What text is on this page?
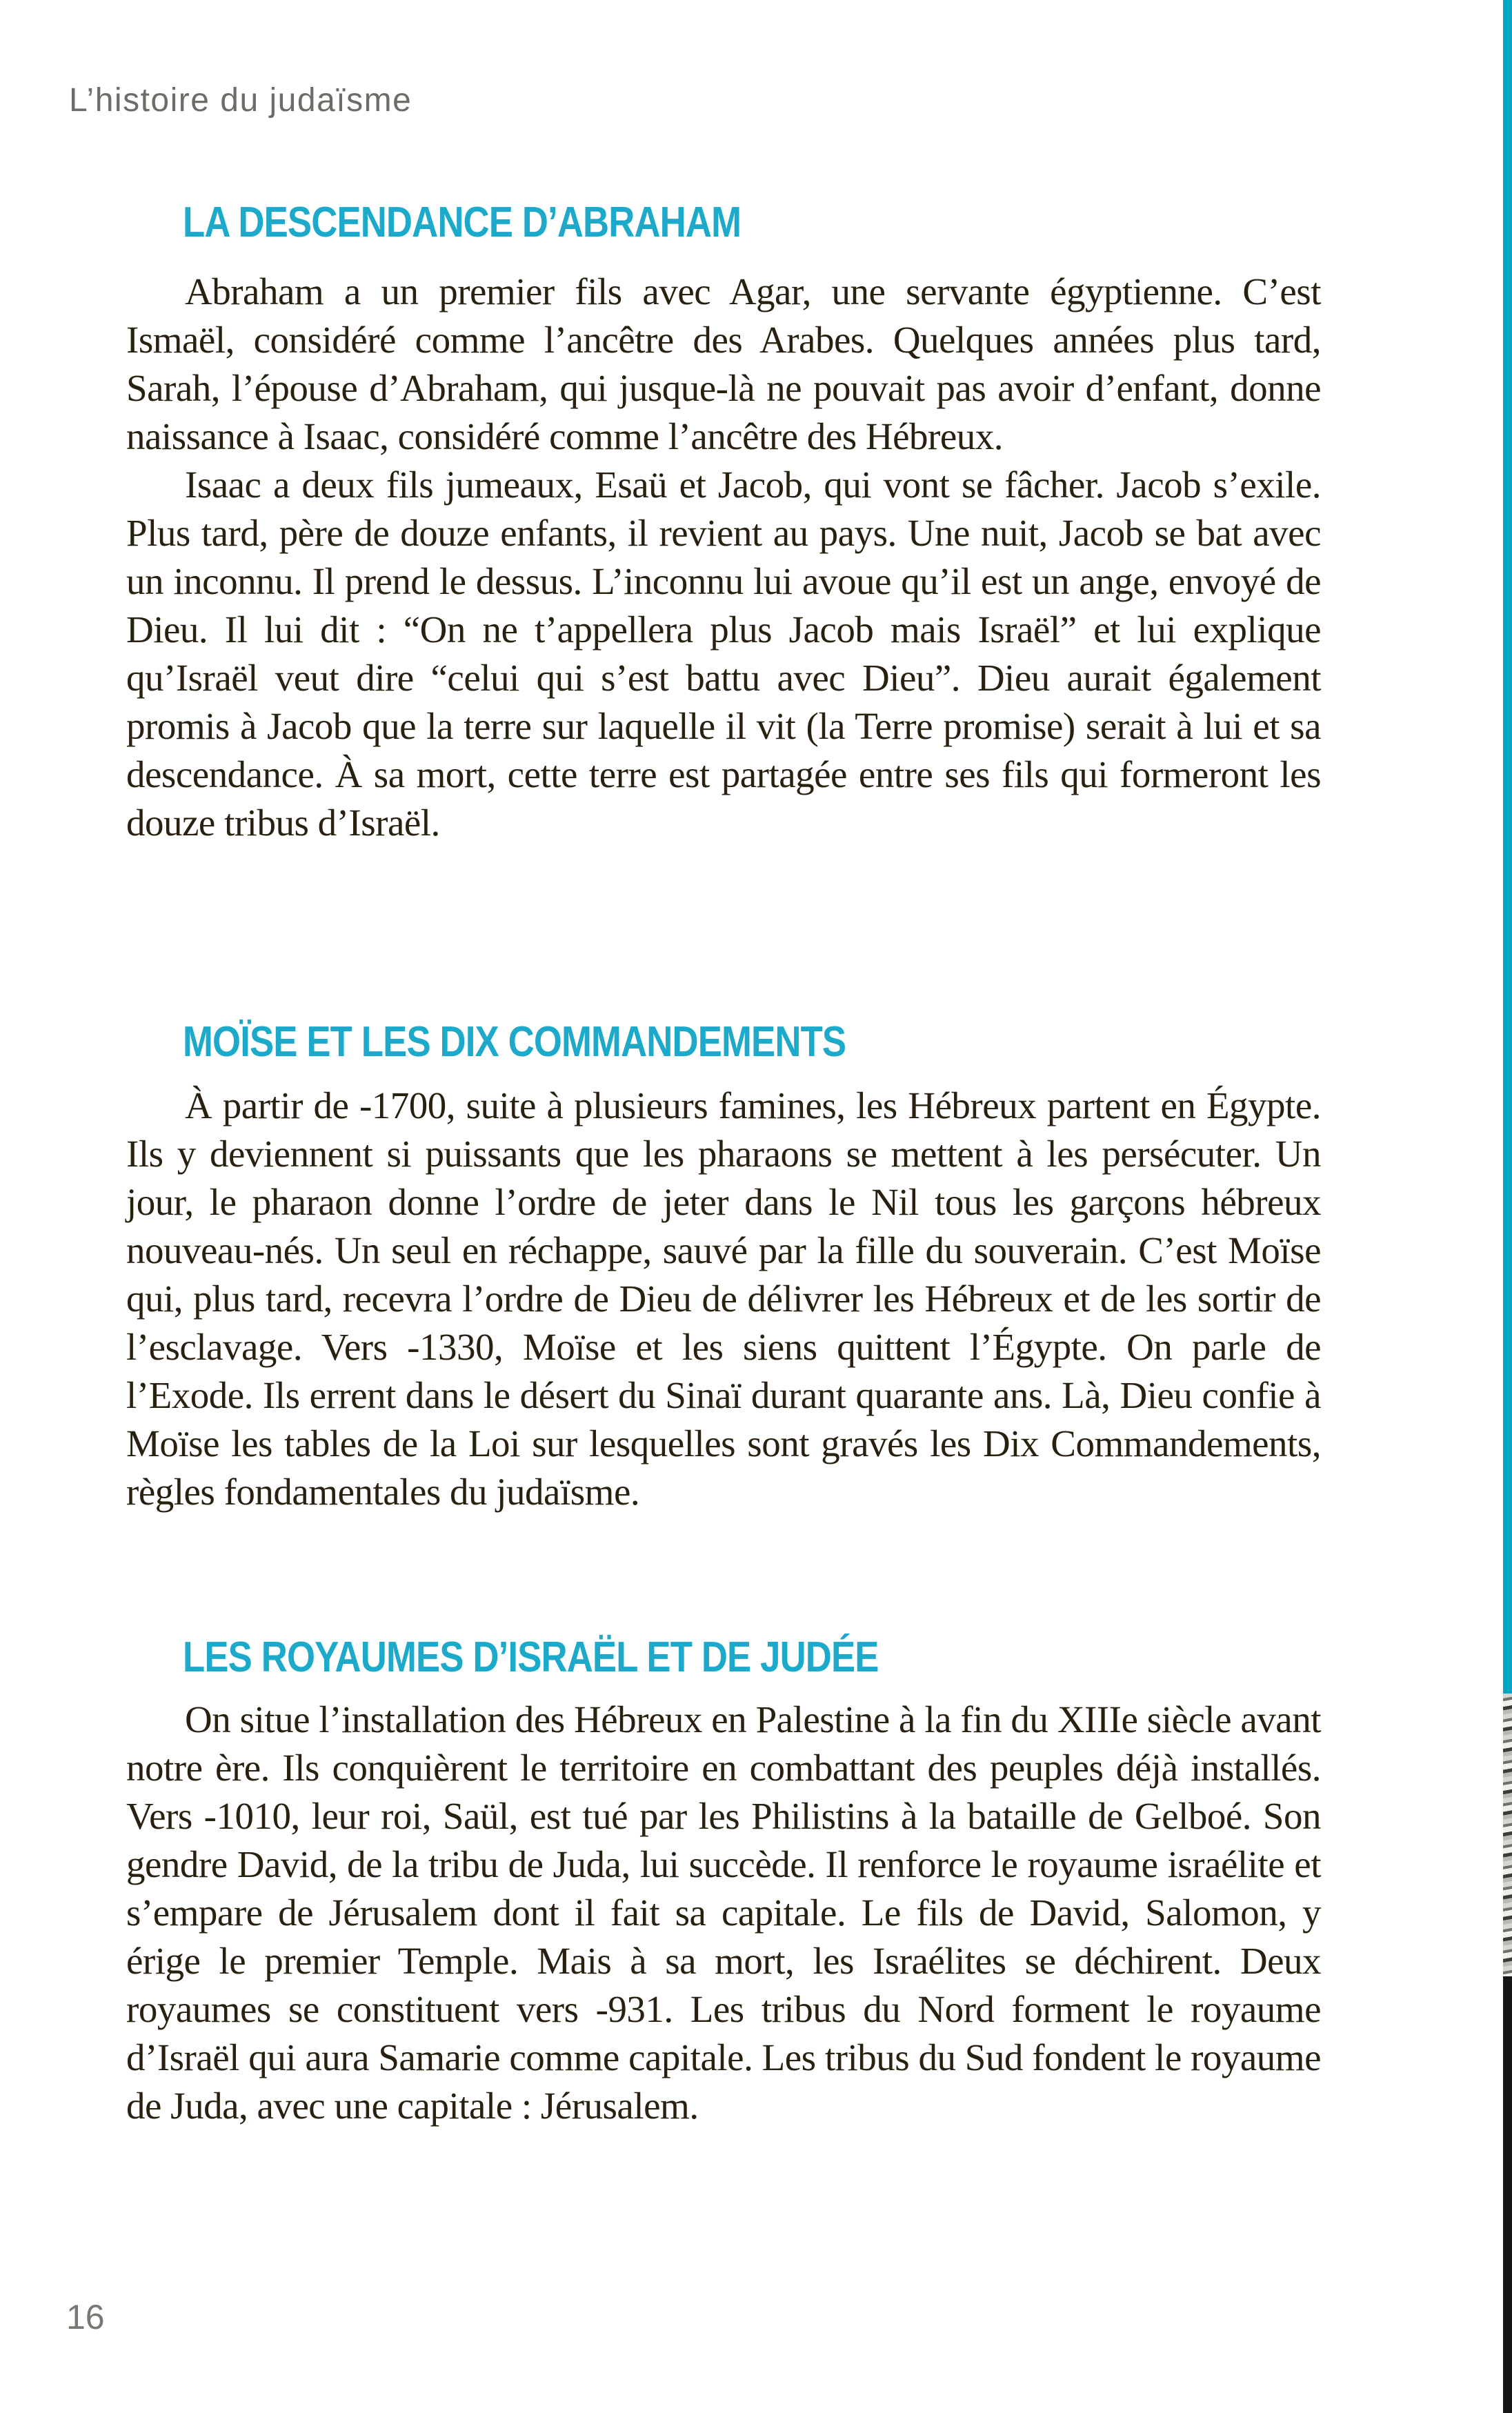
L’histoire du judaïsme
LA DESCENDANCE D’ABRAHAM

Abraham a un premier fils avec Agar, une servante égyptienne. C’est Ismaël, considéré comme l’ancêtre des Arabes. Quelques années plus tard, Sarah, l’épouse d’Abraham, qui jusque-là ne pouvait pas avoir d’enfant, donne naissance à Isaac, considéré comme l’ancêtre des Hébreux.

Isaac a deux fils jumeaux, Esaü et Jacob, qui vont se fâcher. Jacob s’exile. Plus tard, père de douze enfants, il revient au pays. Une nuit, Jacob se bat avec un inconnu. Il prend le dessus. L’inconnu lui avoue qu’il est un ange, envoyé de Dieu. Il lui dit : “On ne t’appellera plus Jacob mais Israël” et lui explique qu’Israël veut dire “celui qui s’est battu avec Dieu”. Dieu aurait également promis à Jacob que la terre sur laquelle il vit (la Terre promise) serait à lui et sa descendance. À sa mort, cette terre est partagée entre ses fils qui formeront les douze tribus d’Israël.

MOÏSE ET LES DIX COMMANDEMENTS

À partir de -1700, suite à plusieurs famines, les Hébreux partent en Égypte. Ils y deviennent si puissants que les pharaons se mettent à les persécuter. Un jour, le pharaon donne l’ordre de jeter dans le Nil tous les garçons hébreux nouveau-nés. Un seul en réchappe, sauvé par la fille du souverain. C’est Moïse qui, plus tard, recevra l’ordre de Dieu de délivrer les Hébreux et de les sortir de l’esclavage. Vers -1330, Moïse et les siens quittent l’Égypte. On parle de l’Exode. Ils errent dans le désert du Sinaï durant quarante ans. Là, Dieu confie à Moïse les tables de la Loi sur lesquelles sont gravés les Dix Commandements, règles fondamentales du judaïsme.

LES ROYAUMES D’ISRAËL ET DE JUDÉE

On situe l’installation des Hébreux en Palestine à la fin du XIIIe siècle avant notre ère. Ils conquièrent le territoire en combattant des peuples déjà installés. Vers -1010, leur roi, Saül, est tué par les Philistins à la bataille de Gelboé. Son gendre David, de la tribu de Juda, lui succède. Il renforce le royaume israélite et s’empare de Jérusalem dont il fait sa capitale. Le fils de David, Salomon, y érige le premier Temple. Mais à sa mort, les Israélites se déchirent. Deux royaumes se constituent vers -931. Les tribus du Nord forment le royaume d’Israël qui aura Samarie comme capitale. Les tribus du Sud fondent le royaume de Juda, avec une capitale : Jérusalem.

16
